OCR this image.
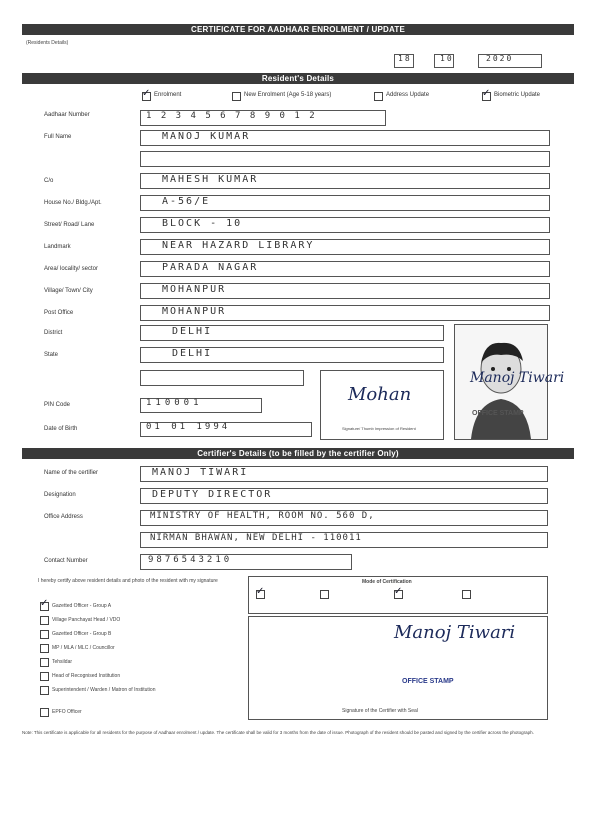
CERTIFICATE FOR AADHAAR ENROLMENT / UPDATE
(Residents Details)
18	10	2020
Resident's Details
✓
Enrolment	New Enrolment (Age 5-18 years)	Address Update
✓	Biometric Update
Aadhaar Number	1 2 3 4 5 6 7 8 9 0 1 2
Full Name	MANOJ KUMAR
C/o	MAHESH KUMAR
House No./ Bldg./Apt.	A-56/E
Street/ Road/ Lane	BLOCK - 10
Landmark	NEAR HAZARD LIBRARY
Area/ locality/ sector	PARADA NAGAR
Village/ Town/ City	MOHANPUR
Post Office	MOHANPUR
District	DELHI
State	DELHI
PIN Code	110001
Date of Birth	01 01 1994
Mohan
Signature/ Thumb Impression of Resident
Manoj Tiwari
OFFICE STAMP
Certifier's Details (to be filled by the certifier Only)
Name of the certifier	MANOJ TIWARI
Designation	DEPUTY DIRECTOR
Office Address	MINISTRY OF HEALTH, ROOM NO. 560 D,
NIRMAN BHAWAN, NEW DELHI - 110011
Contact Number	9876543210
I hereby certify above resident details and photo of the resident with my signature
✓
Gazetted Officer - Group A
Village Panchayat Head / VDO
Gazetted Officer - Group B
MP / MLA / MLC / Councillor
Tehsildar
Head of Recognised Institution
Superintendent / Warden / Matron of Institution
EPFO Officer
Mode of Certification
✓
✓
Manoj Tiwari
OFFICE STAMP
Signature of the Certifier with Seal
Note: This certificate is applicable for all residents for the purpose of Aadhaar enrolment / update. The certificate shall be valid for 3 months from the date of issue. Photograph of the resident should be pasted and signed by the certifier across the photograph.
